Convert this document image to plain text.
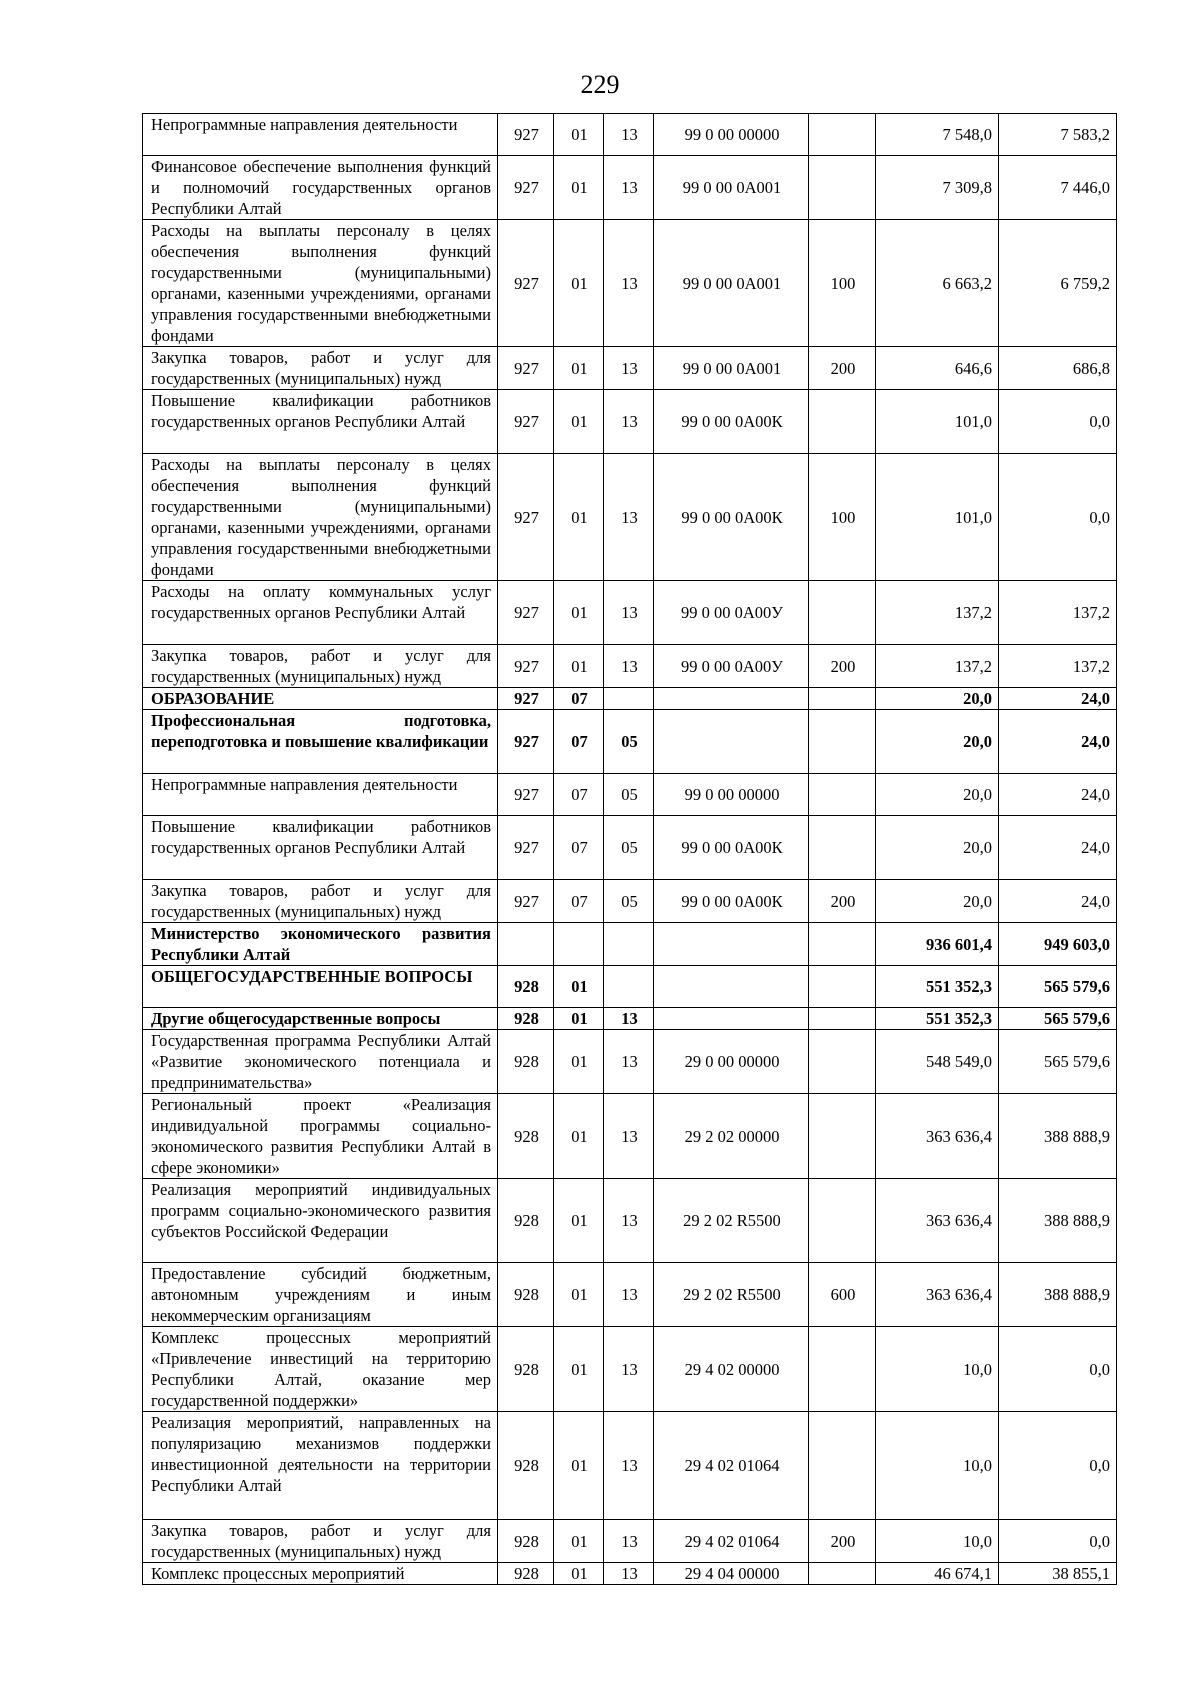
229
Непрограммные направления деятельности	927	01	13	99 0 00 00000		7 548,0	7 583,2
Финансовое обеспечение выполнения функций и полномочий государственных органов Республики Алтай	927	01	13	99 0 00 0А001		7 309,8	7 446,0
Расходы на выплаты персоналу в целях обеспечения выполнения функций государственными (муниципальными) органами, казенными учреждениями, органами управления государственными внебюджетными фондами	927	01	13	99 0 00 0А001	100	6 663,2	6 759,2
Закупка товаров, работ и услуг для государственных (муниципальных) нужд	927	01	13	99 0 00 0А001	200	646,6	686,8
Повышение квалификации работников государственных органов Республики Алтай	927	01	13	99 0 00 0А00К		101,0	0,0
Расходы на выплаты персоналу в целях обеспечения выполнения функций государственными (муниципальными) органами, казенными учреждениями, органами управления государственными внебюджетными фондами	927	01	13	99 0 00 0А00К	100	101,0	0,0
Расходы на оплату коммунальных услуг государственных органов Республики Алтай	927	01	13	99 0 00 0А00У		137,2	137,2
Закупка товаров, работ и услуг для государственных (муниципальных) нужд	927	01	13	99 0 00 0А00У	200	137,2	137,2
ОБРАЗОВАНИЕ	927	07				20,0	24,0
Профессиональная подготовка, переподготовка и повышение квалификации	927	07	05			20,0	24,0
Непрограммные направления деятельности	927	07	05	99 0 00 00000		20,0	24,0
Повышение квалификации работников государственных органов Республики Алтай	927	07	05	99 0 00 0А00К		20,0	24,0
Закупка товаров, работ и услуг для государственных (муниципальных) нужд	927	07	05	99 0 00 0А00К	200	20,0	24,0
Министерство экономического развития Республики Алтай						936 601,4	949 603,0
ОБЩЕГОСУДАРСТВЕННЫЕ ВОПРОСЫ	928	01				551 352,3	565 579,6
Другие общегосударственные вопросы	928	01	13			551 352,3	565 579,6
Государственная программа Республики Алтай «Развитие экономического потенциала и предпринимательства»	928	01	13	29 0 00 00000		548 549,0	565 579,6
Региональный проект «Реализация индивидуальной программы социально-экономического развития Республики Алтай в сфере экономики»	928	01	13	29 2 02 00000		363 636,4	388 888,9
Реализация мероприятий индивидуальных программ социально-экономического развития субъектов Российской Федерации	928	01	13	29 2 02 R5500		363 636,4	388 888,9
Предоставление субсидий бюджетным, автономным учреждениям и иным некоммерческим организациям	928	01	13	29 2 02 R5500	600	363 636,4	388 888,9
Комплекс процессных мероприятий «Привлечение инвестиций на территорию Республики Алтай, оказание мер государственной поддержки»	928	01	13	29 4 02 00000		10,0	0,0
Реализация мероприятий, направленных на популяризацию механизмов поддержки инвестиционной деятельности на территории Республики Алтай	928	01	13	29 4 02 01064		10,0	0,0
Закупка товаров, работ и услуг для государственных (муниципальных) нужд	928	01	13	29 4 02 01064	200	10,0	0,0
Комплекс процессных мероприятий	928	01	13	29 4 04 00000		46 674,1	38 855,1
